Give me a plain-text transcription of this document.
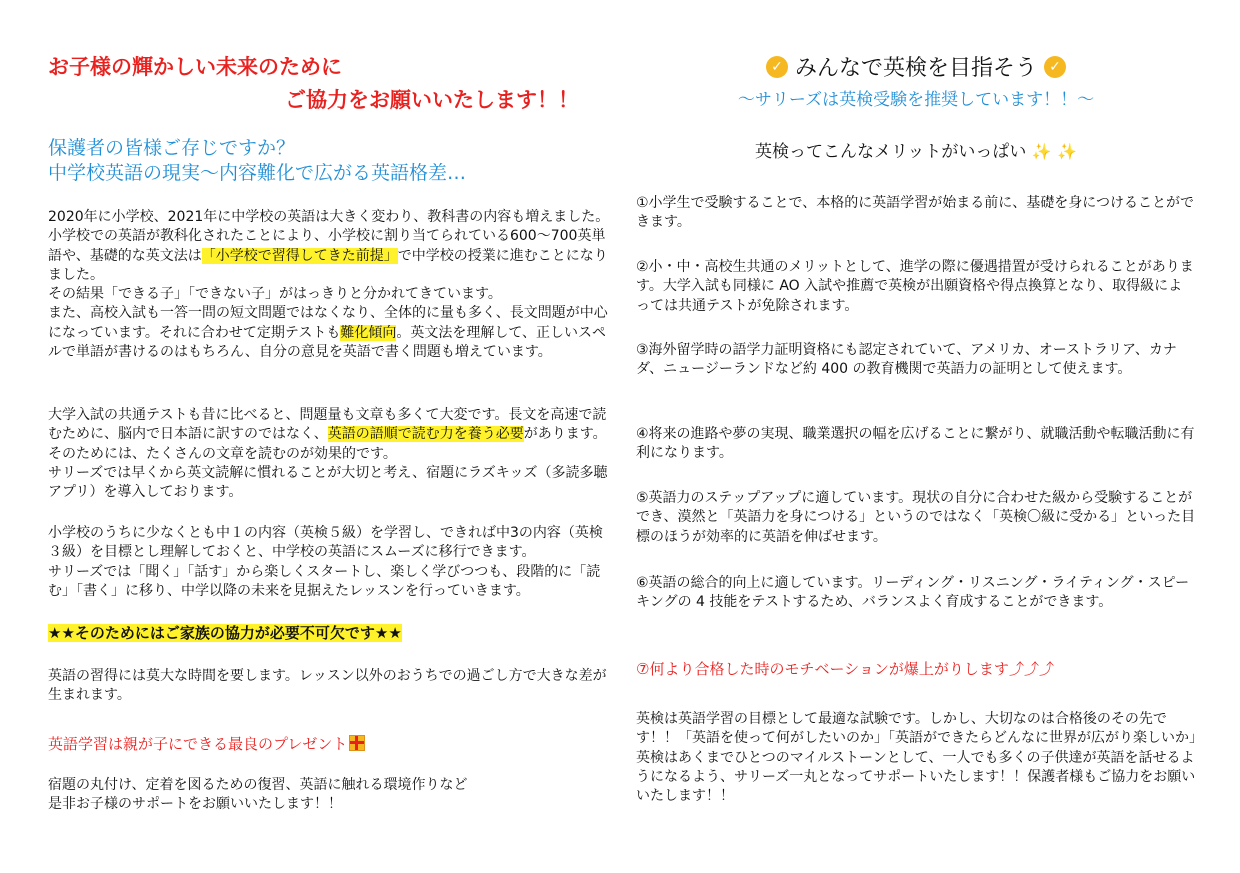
お子様の輝かしい未来のために
ご協力をお願いいたします！！
保護者の皆様ご存じですか？
中学校英語の現実～内容難化で広がる英語格差…
2020年に小学校、2021年に中学校の英語は大きく変わり、教科書の内容も増えました。
小学校での英語が教科化されたことにより、小学校に割り当てられている600～700英単語や、基礎的な英文法は「小学校で習得してきた前提」で中学校の授業に進むことになりました。
その結果「できる子」「できない子」がはっきりと分かれてきています。
また、高校入試も一答一問の短文問題ではなくなり、全体的に量も多く、長文問題が中心になっています。それに合わせて定期テストも難化傾向。英文法を理解して、正しいスペルで単語が書けるのはもちろん、自分の意見を英語で書く問題も増えています。
大学入試の共通テストも昔に比べると、問題量も文章も多くて大変です。長文を高速で読むために、脳内で日本語に訳すのではなく、英語の語順で読む力を養う必要があります。そのためには、たくさんの文章を読むのが効果的です。
サリーズでは早くから英文読解に慣れることが大切と考え、宿題にラズキッズ（多読多聴アプリ）を導入しております。
小学校のうちに少なくとも中１の内容（英検５級）を学習し、できれば中3の内容（英検３級）を目標とし理解しておくと、中学校の英語にスムーズに移行できます。
サリーズでは「聞く」「話す」から楽しくスタートし、楽しく学びつつも、段階的に「読む」「書く」に移り、中学以降の未来を見据えたレッスンを行っていきます。
★★そのためにはご家族の協力が必要不可欠です★★
英語の習得には莫大な時間を要します。レッスン以外のおうちでの過ごし方で大きな差が生まれます。
英語学習は親が子にできる最良のプレゼント
宿題の丸付け、定着を図るための復習、英語に触れる環境作りなど
是非お子様のサポートをお願いいたします！！
✓ みんなで英検を目指そう ✓
～サリーズは英検受験を推奨しています！！～
英検ってこんなメリットがいっぱい ✨ ✨
①小学生で受験することで、本格的に英語学習が始まる前に、基礎を身につけることができます。
②小・中・高校生共通のメリットとして、進学の際に優遇措置が受けられることがあります。大学入試も同様に AO 入試や推薦で英検が出願資格や得点換算となり、取得級によっては共通テストが免除されます。
③海外留学時の語学力証明資格にも認定されていて、アメリカ、オーストラリア、カナダ、ニュージーランドなど約 400 の教育機関で英語力の証明として使えます。
④将来の進路や夢の実現、職業選択の幅を広げることに繋がり、就職活動や転職活動に有利になります。
⑤英語力のステップアップに適しています。現状の自分に合わせた級から受験することができ、漠然と「英語力を身につける」というのではなく「英検〇級に受かる」といった目標のほうが効率的に英語を伸ばせます。
⑥英語の総合的向上に適しています。リーディング・リスニング・ライティング・スピーキングの 4 技能をテストするため、バランスよく育成することができます。
⑦何より合格した時のモチベーションが爆上がりします⤴⤴⤴
英検は英語学習の目標として最適な試験です。しかし、大切なのは合格後のその先です！！「英語を使って何がしたいのか」「英語ができたらどんなに世界が広がり楽しいか」英検はあくまでひとつのマイルストーンとして、一人でも多くの子供達が英語を話せるようになるよう、サリーズ一丸となってサポートいたします！！保護者様もご協力をお願いいたします！！
